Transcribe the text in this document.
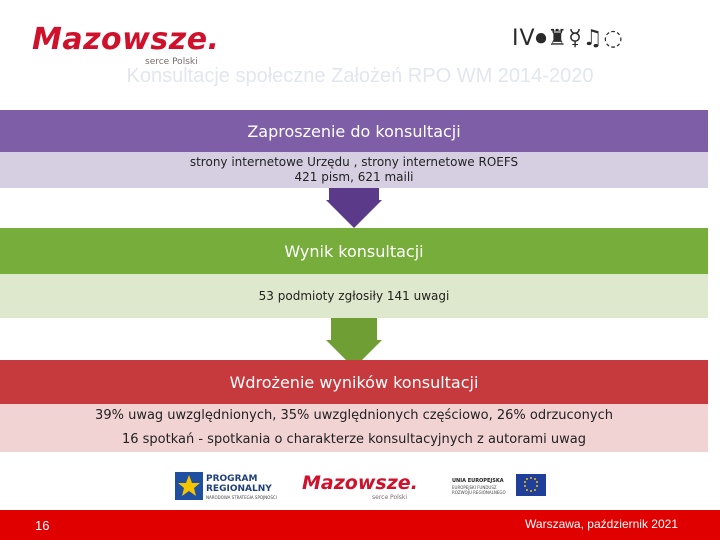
Mazowsze.
serce Polski
ⅠⅤ⏺♜☿♫◌
Konsultacje społeczne Założeń RPO WM 2014-2020
Zaproszenie do konsultacji
strony internetowe Urzędu , strony internetowe ROEFS
421 pism, 621 maili
Wynik konsultacji
53 podmioty zgłosiły 141 uwagi
Wdrożenie wyników konsultacji
39% uwag uwzględnionych, 35% uwzględnionych częściowo, 26% odrzuconych
16 spotkań - spotkania o charakterze konsultacyjnych z autorami uwag
PROGRAM REGIONALNY
NARODOWA STRATEGIA SPÓJNOŚCI
Mazowsze.
serce Polski
UNIA EUROPEJSKA
EUROPEJSKI FUNDUSZ ROZWOJU REGIONALNEGO
16	Warszawa, październik 2021
